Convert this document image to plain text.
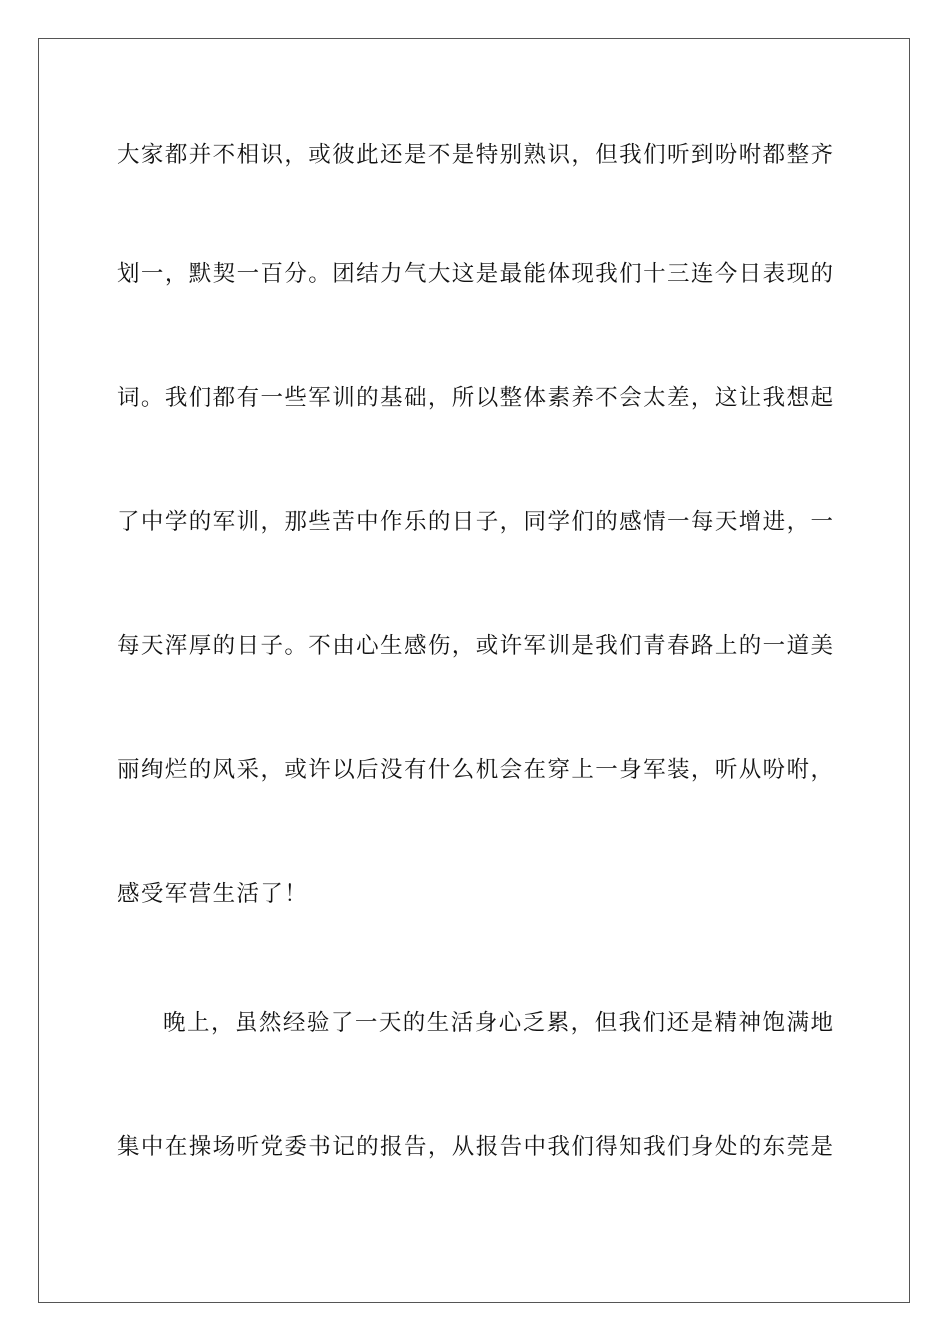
大家都并不相识，或彼此还是不是特别熟识，但我们听到吩咐都整齐
划一，默契一百分。团结力气大这是最能体现我们十三连今日表现的
词。我们都有一些军训的基础，所以整体素养不会太差，这让我想起
了中学的军训，那些苦中作乐的日子，同学们的感情一每天增进，一
每天浑厚的日子。不由心生感伤，或许军训是我们青春路上的一道美
丽绚烂的风采，或许以后没有什么机会在穿上一身军装，听从吩咐，
感受军营生活了！
晚上，虽然经验了一天的生活身心乏累，但我们还是精神饱满地
集中在操场听党委书记的报告，从报告中我们得知我们身处的东莞是
